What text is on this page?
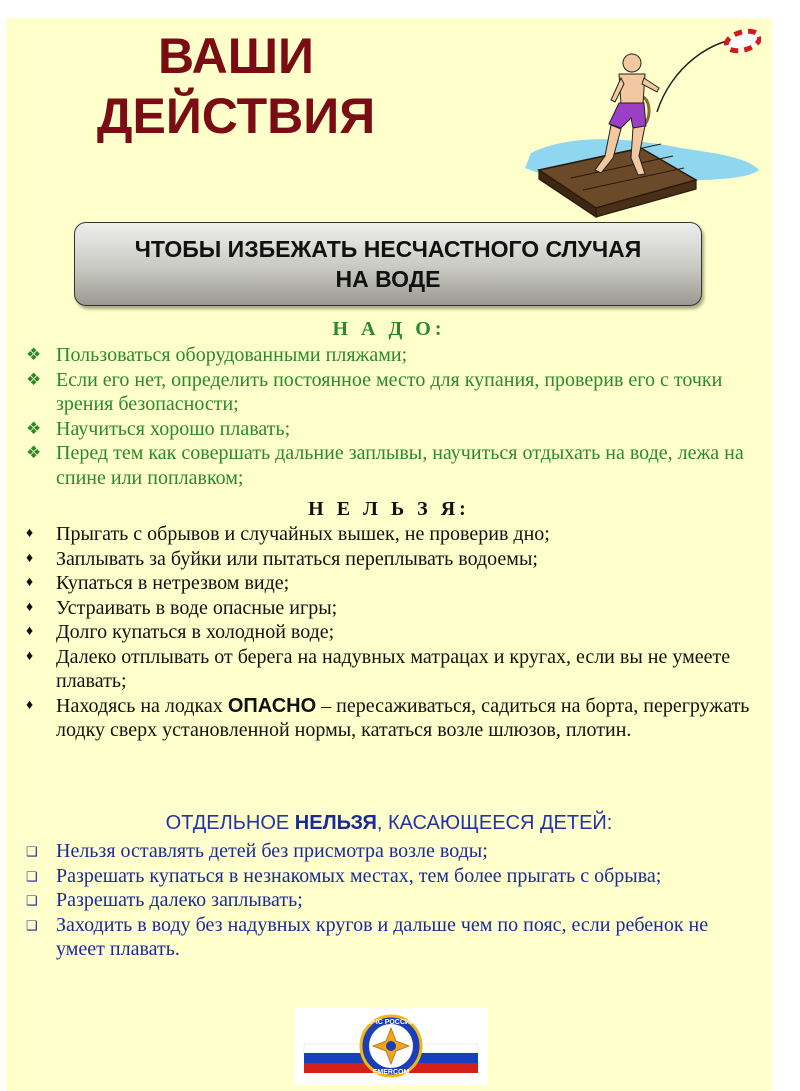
ВАШИ
ДЕЙСТВИЯ
ЧТОБЫ ИЗБЕЖАТЬ НЕСЧАСТНОГО СЛУЧАЯ
НА ВОДЕ
Н А Д О:
❖ Пользоваться оборудованными пляжами;
❖ Если его нет, определить постоянное место для купания, проверив его с точки зрения безопасности;
❖ Научиться хорошо плавать;
❖ Перед тем как совершать дальние заплывы, научиться отдыхать на воде, лежа на спине или поплавком;
Н Е Л Ь З Я:
♦ Прыгать с обрывов и случайных вышек, не проверив дно;
♦ Заплывать за буйки или пытаться переплывать водоемы;
♦ Купаться в нетрезвом виде;
♦ Устраивать в воде опасные игры;
♦ Долго купаться в холодной воде;
♦ Далеко отплывать от берега на надувных матрацах и кругах, если вы не умеете плавать;
♦ Находясь на лодках ОПАСНО – пересаживаться, садиться на борта, перегружать лодку сверх установленной нормы, кататься возле шлюзов, плотин.
ОТДЕЛЬНОЕ НЕЛЬЗЯ, КАСАЮЩЕЕСЯ ДЕТЕЙ:
❑ Нельзя оставлять детей без присмотра возле воды;
❑ Разрешать купаться в незнакомых местах, тем более прыгать с обрыва;
❑ Разрешать далеко заплывать;
❑ Заходить в воду без надувных кругов и дальше чем по пояс, если ребенок не умеет плавать.
МЧС РОССИИ
EMERCOM
